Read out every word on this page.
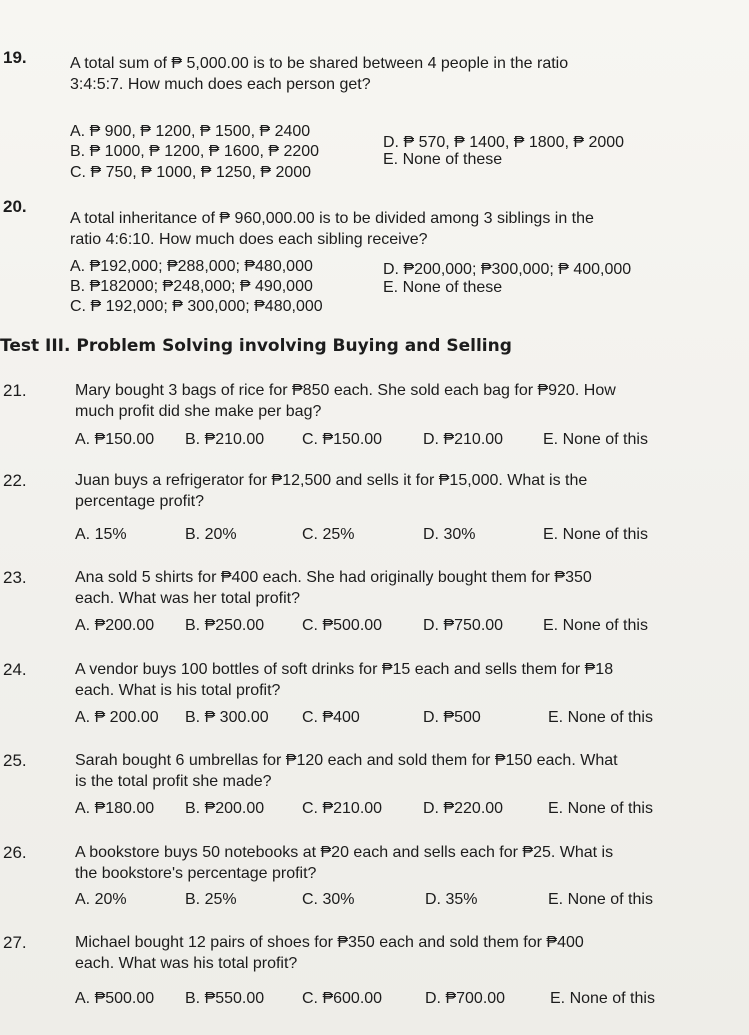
19.	A total sum of ₱ 5,000.00 is to be shared between 4 people in the ratio
3:4:5:7. How much does each person get?
A. ₱ 900, ₱ 1200, ₱ 1500, ₱ 2400
B. ₱ 1000, ₱ 1200, ₱ 1600, ₱ 2200
C. ₱ 750, ₱ 1000, ₱ 1250, ₱ 2000
D. ₱ 570, ₱ 1400, ₱ 1800, ₱ 2000
E. None of these
20.
A total inheritance of ₱ 960,000.00 is to be divided among 3 siblings in the
ratio 4:6:10. How much does each sibling receive?
A. ₱192,000; ₱288,000; ₱480,000
B. ₱182000; ₱248,000; ₱ 490,000
C. ₱ 192,000; ₱ 300,000; ₱480,000
D. ₱200,000; ₱300,000; ₱ 400,000
E. None of these
Test III. Problem Solving involving Buying and Selling
21.	Mary bought 3 bags of rice for ₱850 each. She sold each bag for ₱920. How
much profit did she make per bag?
A. ₱150.00 B. ₱210.00 C. ₱150.00	D. ₱210.00 E. None of this
22.	Juan buys a refrigerator for ₱12,500 and sells it for ₱15,000. What is the
percentage profit?
A. 15%	B. 20%	C. 25%	D. 30%	E. None of this
23.	Ana sold 5 shirts for ₱400 each. She had originally bought them for ₱350
each. What was her total profit?
A. ₱200.00 B. ₱250.00 C. ₱500.00	D. ₱750.00 E. None of this
24.	A vendor buys 100 bottles of soft drinks for ₱15 each and sells them for ₱18
each. What is his total profit?
A. ₱ 200.00 B. ₱ 300.00 C. ₱400	D. ₱500	E. None of this
25.	Sarah bought 6 umbrellas for ₱120 each and sold them for ₱150 each. What
is the total profit she made?
A. ₱180.00 B. ₱200.00 C. ₱210.00	D. ₱220.00	E. None of this
26.	A bookstore buys 50 notebooks at ₱20 each and sells each for ₱25. What is
the bookstore's percentage profit?
A. 20%	B. 25%	C. 30%	D. 35%	E. None of this
27.	Michael bought 12 pairs of shoes for ₱350 each and sold them for ₱400
each. What was his total profit?
A. ₱500.00 B. ₱550.00 C. ₱600.00	D. ₱700.00	E. None of this
